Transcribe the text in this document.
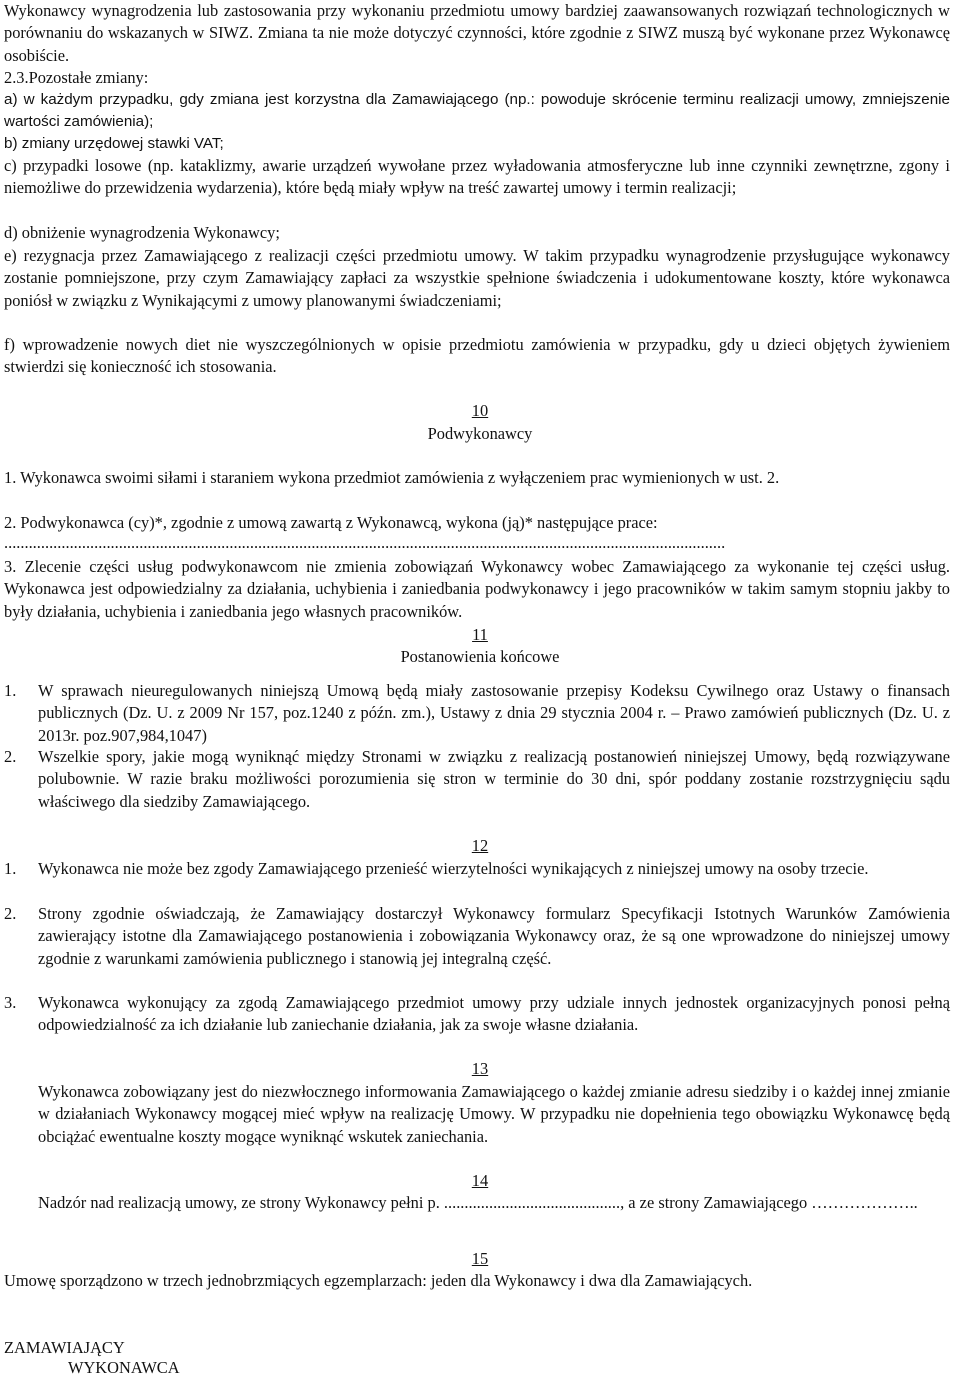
Wykonawcy wynagrodzenia lub zastosowania przy wykonaniu przedmiotu umowy bardziej zaawansowanych rozwiązań technologicznych w porównaniu do wskazanych w SIWZ. Zmiana ta nie może dotyczyć czynności, które zgodnie z SIWZ muszą być wykonane przez Wykonawcę osobiście.

2.3.Pozostałe zmiany:

a) w każdym przypadku, gdy zmiana jest korzystna dla Zamawiającego (np.: powoduje skrócenie terminu realizacji umowy, zmniejszenie wartości zamówienia);

b) zmiany urzędowej stawki VAT;

c) przypadki losowe (np. kataklizmy, awarie urządzeń wywołane przez wyładowania atmosferyczne lub inne czynniki zewnętrzne, zgony i niemożliwe do przewidzenia wydarzenia), które będą miały wpływ na treść zawartej umowy i termin realizacji;

d) obniżenie wynagrodzenia Wykonawcy;

e) rezygnacja przez Zamawiającego z realizacji części przedmiotu umowy. W takim przypadku wynagrodzenie przysługujące wykonawcy zostanie pomniejszone, przy czym Zamawiający zapłaci za wszystkie spełnione świadczenia i udokumentowane koszty, które wykonawca poniósł w związku z Wynikającymi z umowy planowanymi świadczeniami;

f) wprowadzenie nowych diet nie wyszczególnionych w opisie przedmiotu zamówienia w przypadku, gdy u dzieci objętych żywieniem stwierdzi się konieczność ich stosowania.

10

Podwykonawcy

1. Wykonawca swoimi siłami i staraniem wykona przedmiot zamówienia z wyłączeniem prac wymienionych w ust. 2.

2. Podwykonawca (cy)*, zgodnie z umową zawartą z Wykonawcą, wykona (ją)* następujące prace:

................................................................................................................................................................................

3. Zlecenie części usług podwykonawcom nie zmienia zobowiązań Wykonawcy wobec Zamawiającego za wykonanie tej części usług. Wykonawca jest odpowiedzialny za działania, uchybienia i zaniedbania podwykonawcy i jego pracowników w takim samym stopniu jakby to były działania, uchybienia i zaniedbania jego własnych pracowników.

11

Postanowienia końcowe

1. W sprawach nieuregulowanych niniejszą Umową będą miały zastosowanie przepisy Kodeksu Cywilnego oraz Ustawy o finansach publicznych (Dz. U. z 2009 Nr 157, poz.1240 z późn. zm.), Ustawy z dnia 29 stycznia 2004 r. – Prawo zamówień publicznych (Dz. U. z 2013r. poz.907,984,1047)

2. Wszelkie spory, jakie mogą wyniknąć między Stronami w związku z realizacją postanowień niniejszej Umowy, będą rozwiązywane polubownie. W razie braku możliwości porozumienia się stron w terminie do 30 dni, spór poddany zostanie rozstrzygnięciu sądu właściwego dla siedziby Zamawiającego.

12

1. Wykonawca nie może bez zgody Zamawiającego przenieść wierzytelności wynikających z niniejszej umowy na osoby trzecie.

2. Strony zgodnie oświadczają, że Zamawiający dostarczył Wykonawcy formularz Specyfikacji Istotnych Warunków Zamówienia zawierający istotne dla Zamawiającego postanowienia i zobowiązania Wykonawcy oraz, że są one wprowadzone do niniejszej umowy zgodnie z warunkami zamówienia publicznego i stanowią jej integralną część.

3. Wykonawca wykonujący za zgodą Zamawiającego przedmiot umowy przy udziale innych jednostek organizacyjnych ponosi pełną odpowiedzialność za ich działanie lub zaniechanie działania, jak za swoje własne działania.

13

Wykonawca zobowiązany jest do niezwłocznego informowania Zamawiającego o każdej zmianie adresu siedziby i o każdej innej zmianie w działaniach Wykonawcy mogącej mieć wpływ na realizację Umowy. W przypadku nie dopełnienia tego obowiązku Wykonawcę będą obciążać ewentualne koszty mogące wyniknąć wskutek zaniechania.

14

Nadzór nad realizacją umowy, ze strony Wykonawcy pełni p. ..........................................., a ze strony Zamawiającego ………………..

15

Umowę sporządzono w trzech jednobrzmiących egzemplarzach: jeden dla Wykonawcy i dwa dla Zamawiających.

ZAMAWIAJĄCY
WYKONAWCA
